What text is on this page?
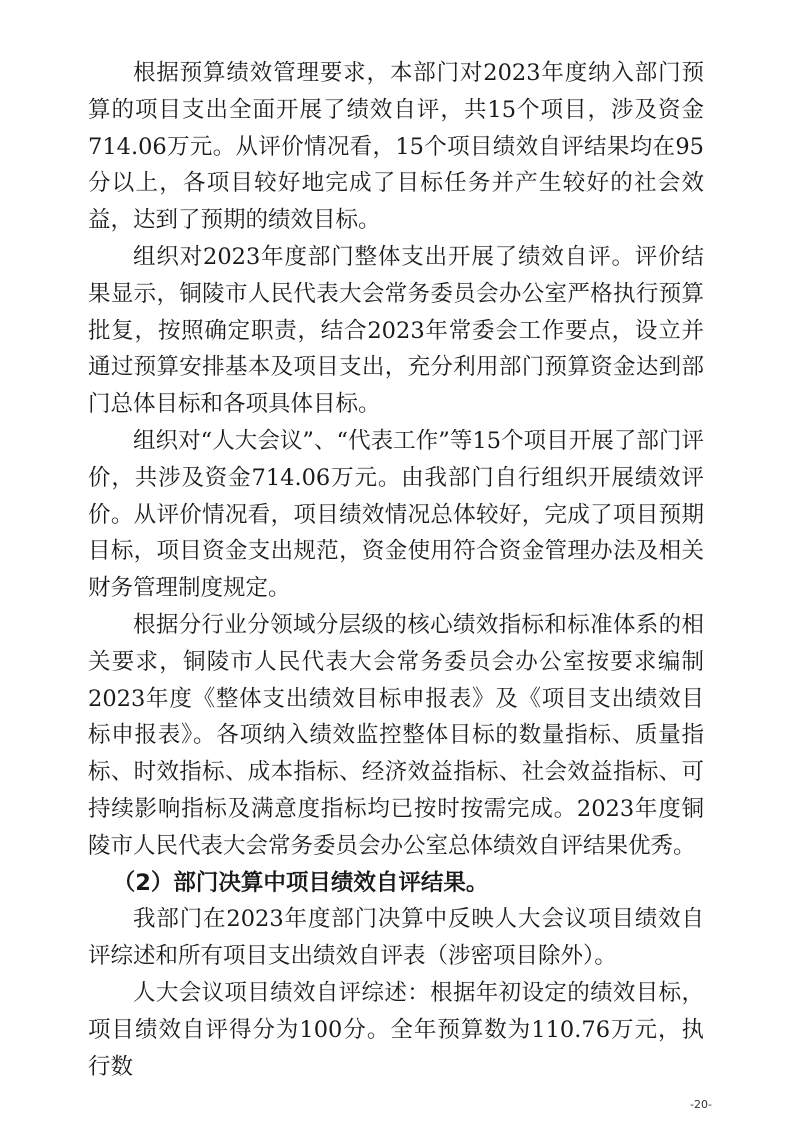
根据预算绩效管理要求，本部门对2023年度纳入部门预算的项目支出全面开展了绩效自评，共15个项目，涉及资金714.06万元。从评价情况看，15个项目绩效自评结果均在95分以上，各项目较好地完成了目标任务并产生较好的社会效益，达到了预期的绩效目标。

组织对2023年度部门整体支出开展了绩效自评。评价结果显示，铜陵市人民代表大会常务委员会办公室严格执行预算批复，按照确定职责，结合2023年常委会工作要点，设立并通过预算安排基本及项目支出，充分利用部门预算资金达到部门总体目标和各项具体目标。

组织对“人大会议”、“代表工作”等15个项目开展了部门评价，共涉及资金714.06万元。由我部门自行组织开展绩效评价。从评价情况看，项目绩效情况总体较好，完成了项目预期目标，项目资金支出规范，资金使用符合资金管理办法及相关财务管理制度规定。

根据分行业分领域分层级的核心绩效指标和标准体系的相关要求，铜陵市人民代表大会常务委员会办公室按要求编制2023年度《整体支出绩效目标申报表》及《项目支出绩效目标申报表》。各项纳入绩效监控整体目标的数量指标、质量指标、时效指标、成本指标、经济效益指标、社会效益指标、可持续影响指标及满意度指标均已按时按需完成。2023年度铜陵市人民代表大会常务委员会办公室总体绩效自评结果优秀。

（2）部门决算中项目绩效自评结果。

我部门在2023年度部门决算中反映人大会议项目绩效自评综述和所有项目支出绩效自评表（涉密项目除外）。

人大会议项目绩效自评综述：根据年初设定的绩效目标，项目绩效自评得分为100分。全年预算数为110.76万元，执行数

-20-
